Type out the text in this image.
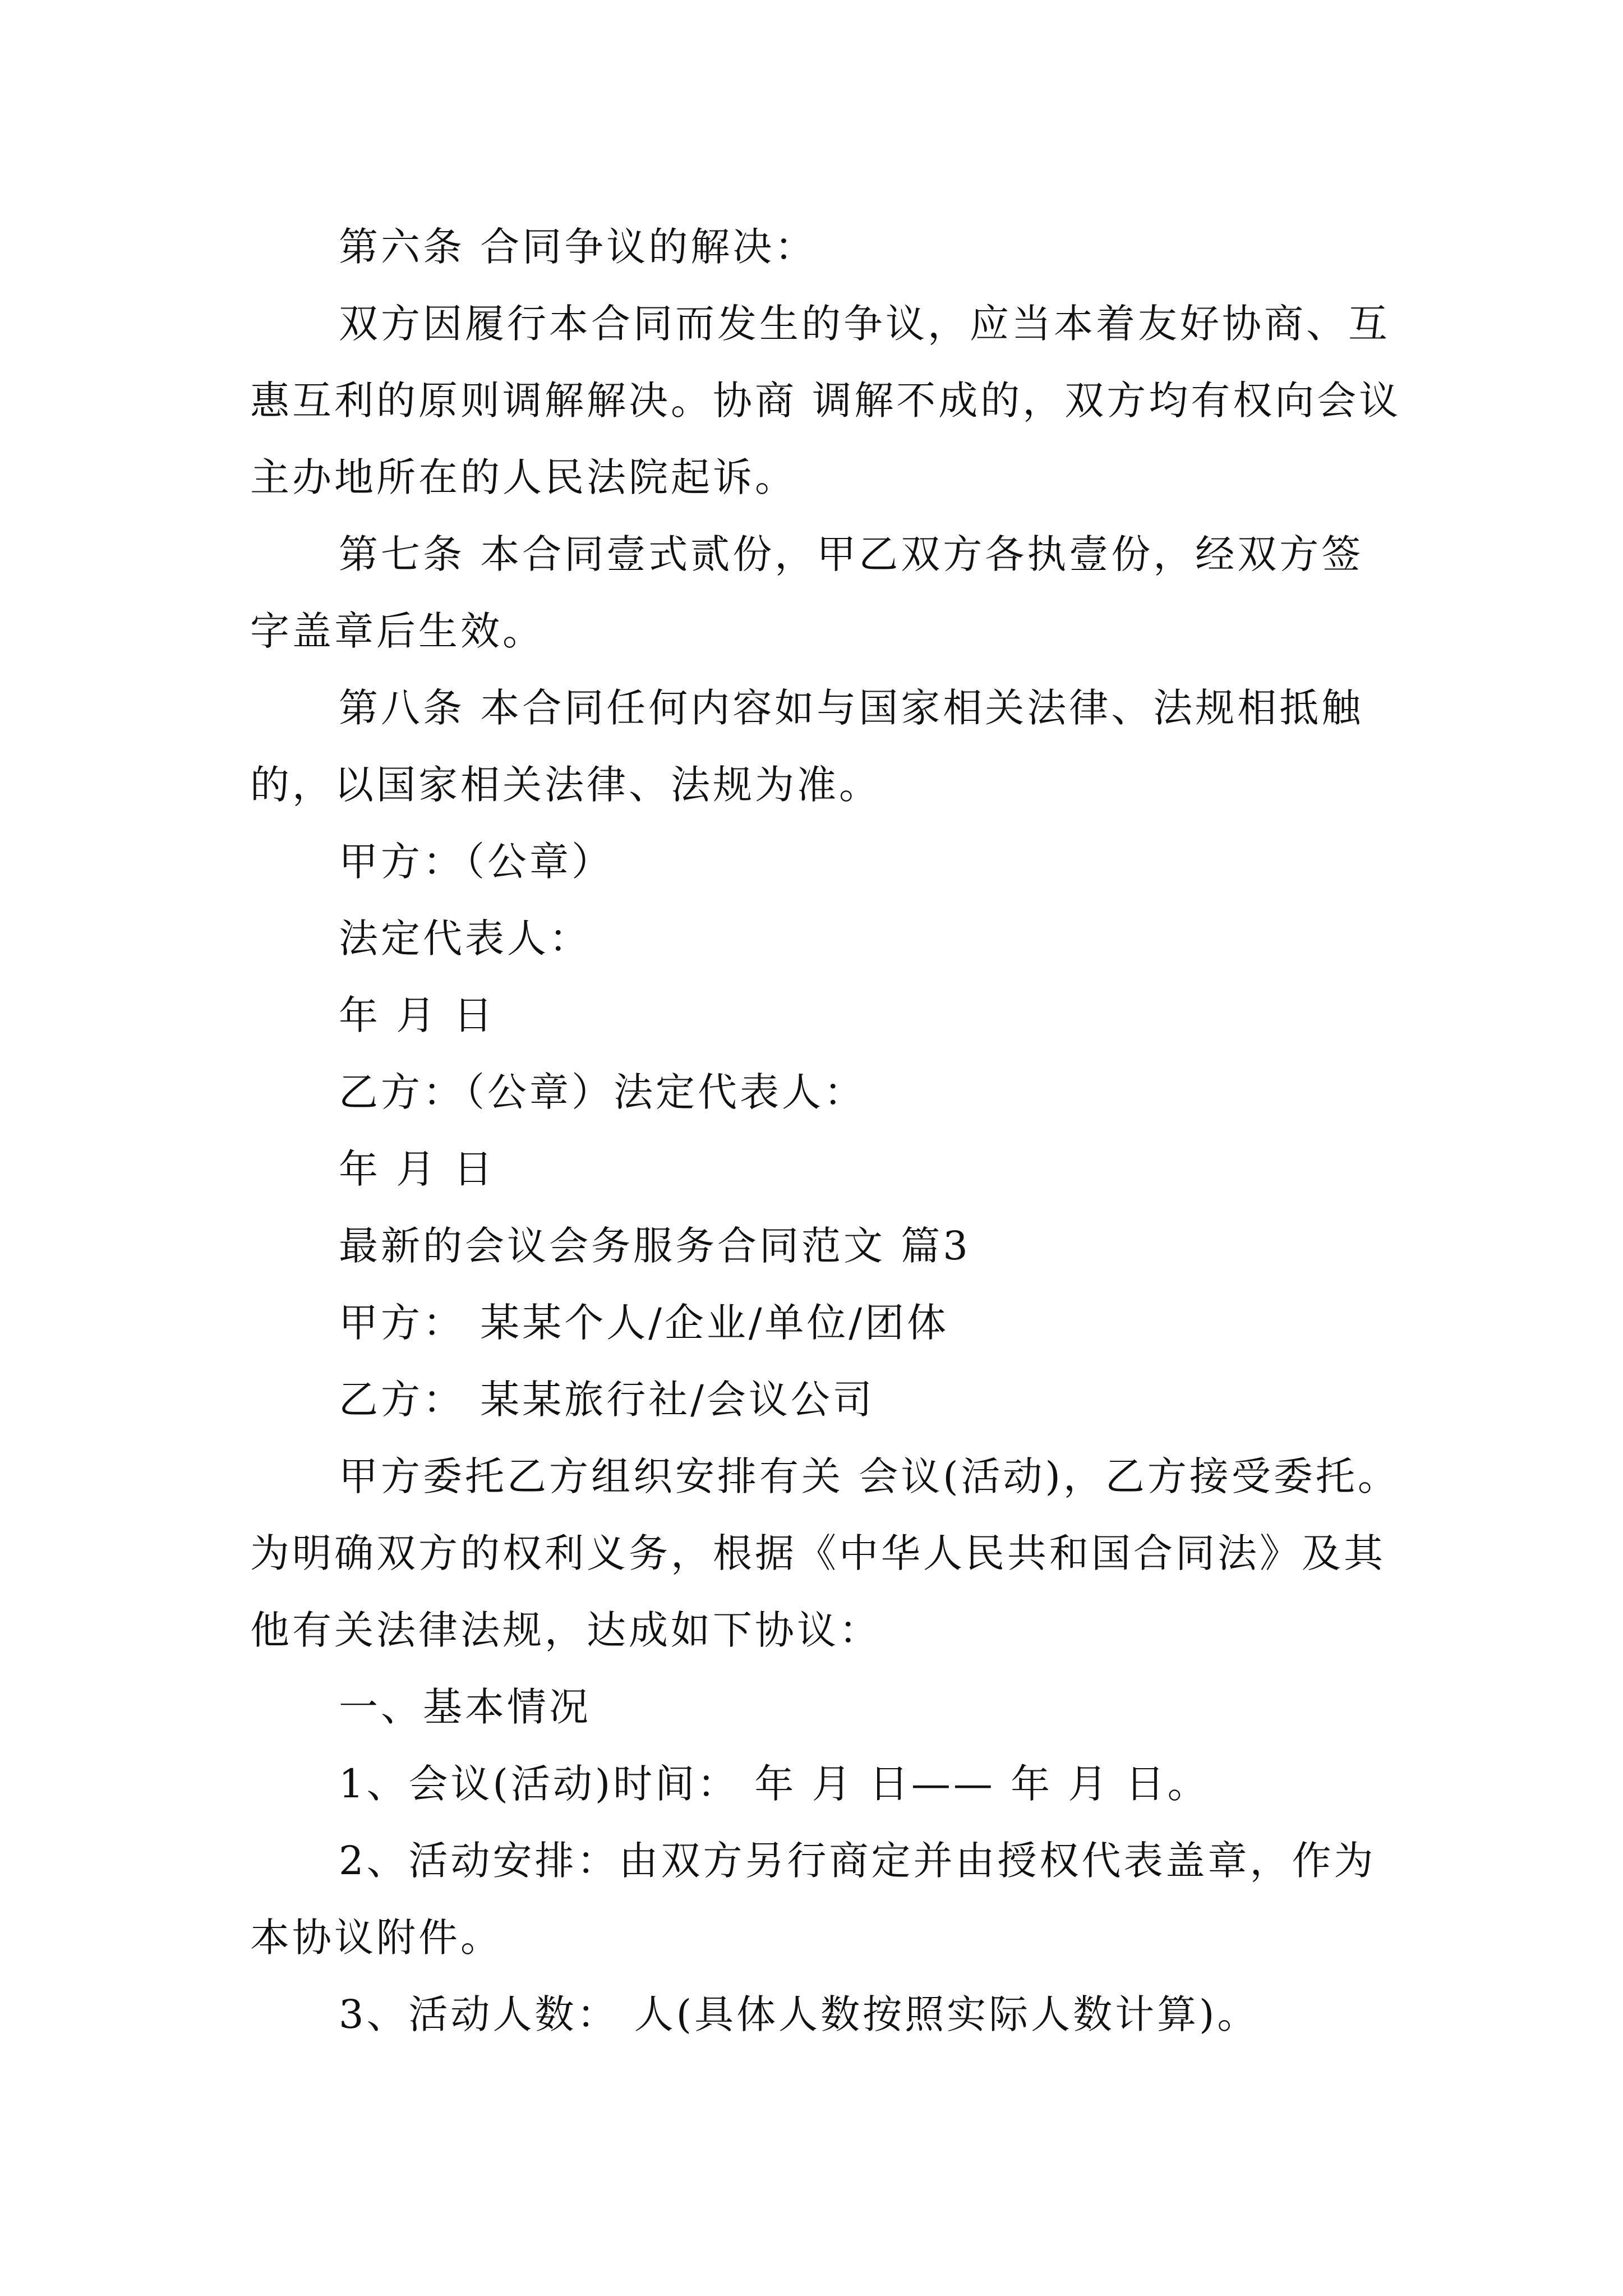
第六条 合同争议的解决：

双方因履行本合同而发生的争议，应当本着友好协商、互惠互利的原则调解解决。协商 调解不成的，双方均有权向会议主办地所在的人民法院起诉。

第七条 本合同壹式贰份，甲乙双方各执壹份，经双方签字盖章后生效。

第八条 本合同任何内容如与国家相关法律、法规相抵触的，以国家相关法律、法规为准。

甲方：（公章）

法定代表人：

年 月 日

乙方：（公章）法定代表人：

年 月 日

最新的会议会务服务合同范文 篇3

甲方： 某某个人/企业/单位/团体

乙方： 某某旅行社/会议公司

甲方委托乙方组织安排有关 会议(活动)，乙方接受委托。为明确双方的权利义务，根据《中华人民共和国合同法》及其他有关法律法规，达成如下协议：

一、基本情况

1、会议(活动)时间： 年 月 日—— 年 月 日。

2、活动安排：由双方另行商定并由授权代表盖章，作为本协议附件。

3、活动人数： 人(具体人数按照实际人数计算)。
